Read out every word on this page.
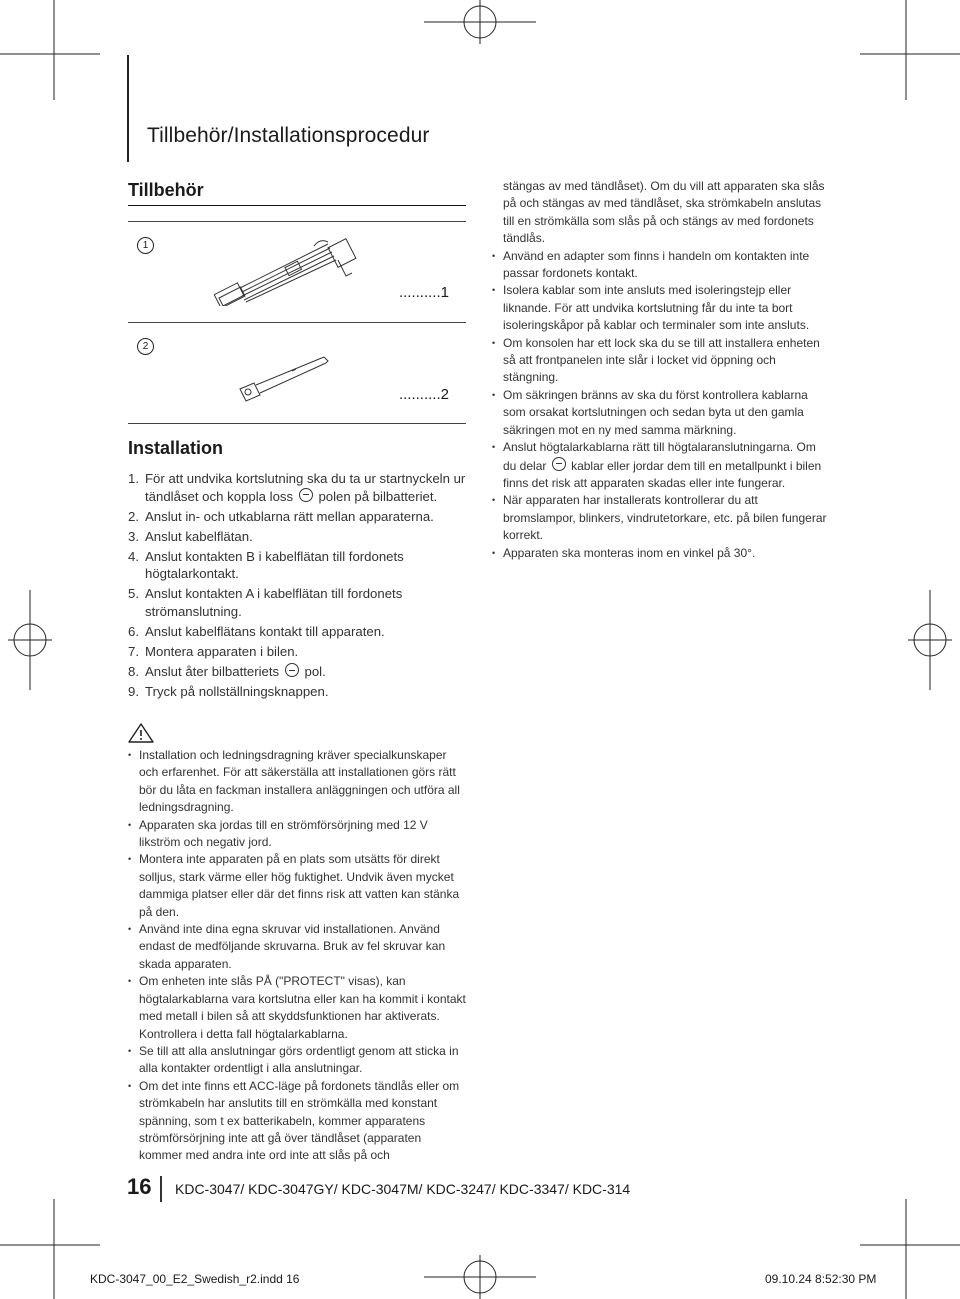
Tillbehör/Installationsprocedur
Tillbehör
1
..........1
2
..........2
Installation
1. För att undvika kortslutning ska du ta ur startnyckeln ur tändlåset och koppla loss polen på bilbatteriet.
2. Anslut in- och utkablarna rätt mellan apparaterna.
3. Anslut kabelflätan.
4. Anslut kontakten B i kabelflätan till fordonets högtalarkontakt.
5. Anslut kontakten A i kabelflätan till fordonets strömanslutning.
6. Anslut kabelflätans kontakt till apparaten.
7. Montera apparaten i bilen.
8. Anslut åter bilbatteriets pol.
9. Tryck på nollställningsknappen.
• Installation och ledningsdragning kräver specialkunskaper och erfarenhet. För att säkerställa att installationen görs rätt bör du låta en fackman installera anläggningen och utföra all ledningsdragning.
• Apparaten ska jordas till en strömförsörjning med 12 V likström och negativ jord.
• Montera inte apparaten på en plats som utsätts för direkt solljus, stark värme eller hög fuktighet. Undvik även mycket dammiga platser eller där det finns risk att vatten kan stänka på den.
• Använd inte dina egna skruvar vid installationen. Använd endast de medföljande skruvarna. Bruk av fel skruvar kan skada apparaten.
• Om enheten inte slås PÅ ("PROTECT" visas), kan högtalarkablarna vara kortslutna eller kan ha kommit i kontakt med metall i bilen så att skyddsfunktionen har aktiverats. Kontrollera i detta fall högtalarkablarna.
• Se till att alla anslutningar görs ordentligt genom att sticka in alla kontakter ordentligt i alla anslutningar.
• Om det inte finns ett ACC-läge på fordonets tändlås eller om strömkabeln har anslutits till en strömkälla med konstant spänning, som t ex batterikabeln, kommer apparatens strömförsörjning inte att gå över tändlåset (apparaten kommer med andra inte ord inte att slås på och
stängas av med tändlåset). Om du vill att apparaten ska slås på och stängas av med tändlåset, ska strömkabeln anslutas till en strömkälla som slås på och stängs av med fordonets tändlås.
• Använd en adapter som finns i handeln om kontakten inte passar fordonets kontakt.
• Isolera kablar som inte ansluts med isoleringstejp eller liknande. För att undvika kortslutning får du inte ta bort isoleringskåpor på kablar och terminaler som inte ansluts.
• Om konsolen har ett lock ska du se till att installera enheten så att frontpanelen inte slår i locket vid öppning och stängning.
• Om säkringen bränns av ska du först kontrollera kablarna som orsakat kortslutningen och sedan byta ut den gamla säkringen mot en ny med samma märkning.
• Anslut högtalarkablarna rätt till högtalaranslutningarna. Om du delar kablar eller jordar dem till en metallpunkt i bilen finns det risk att apparaten skadas eller inte fungerar.
• När apparaten har installerats kontrollerar du att bromslampor, blinkers, vindrutetorkare, etc. på bilen fungerar korrekt.
• Apparaten ska monteras inom en vinkel på 30°.
16 KDC-3047/ KDC-3047GY/ KDC-3047M/ KDC-3247/ KDC-3347/ KDC-314
KDC-3047_00_E2_Swedish_r2.indd 16	09.10.24 8:52:30 PM
